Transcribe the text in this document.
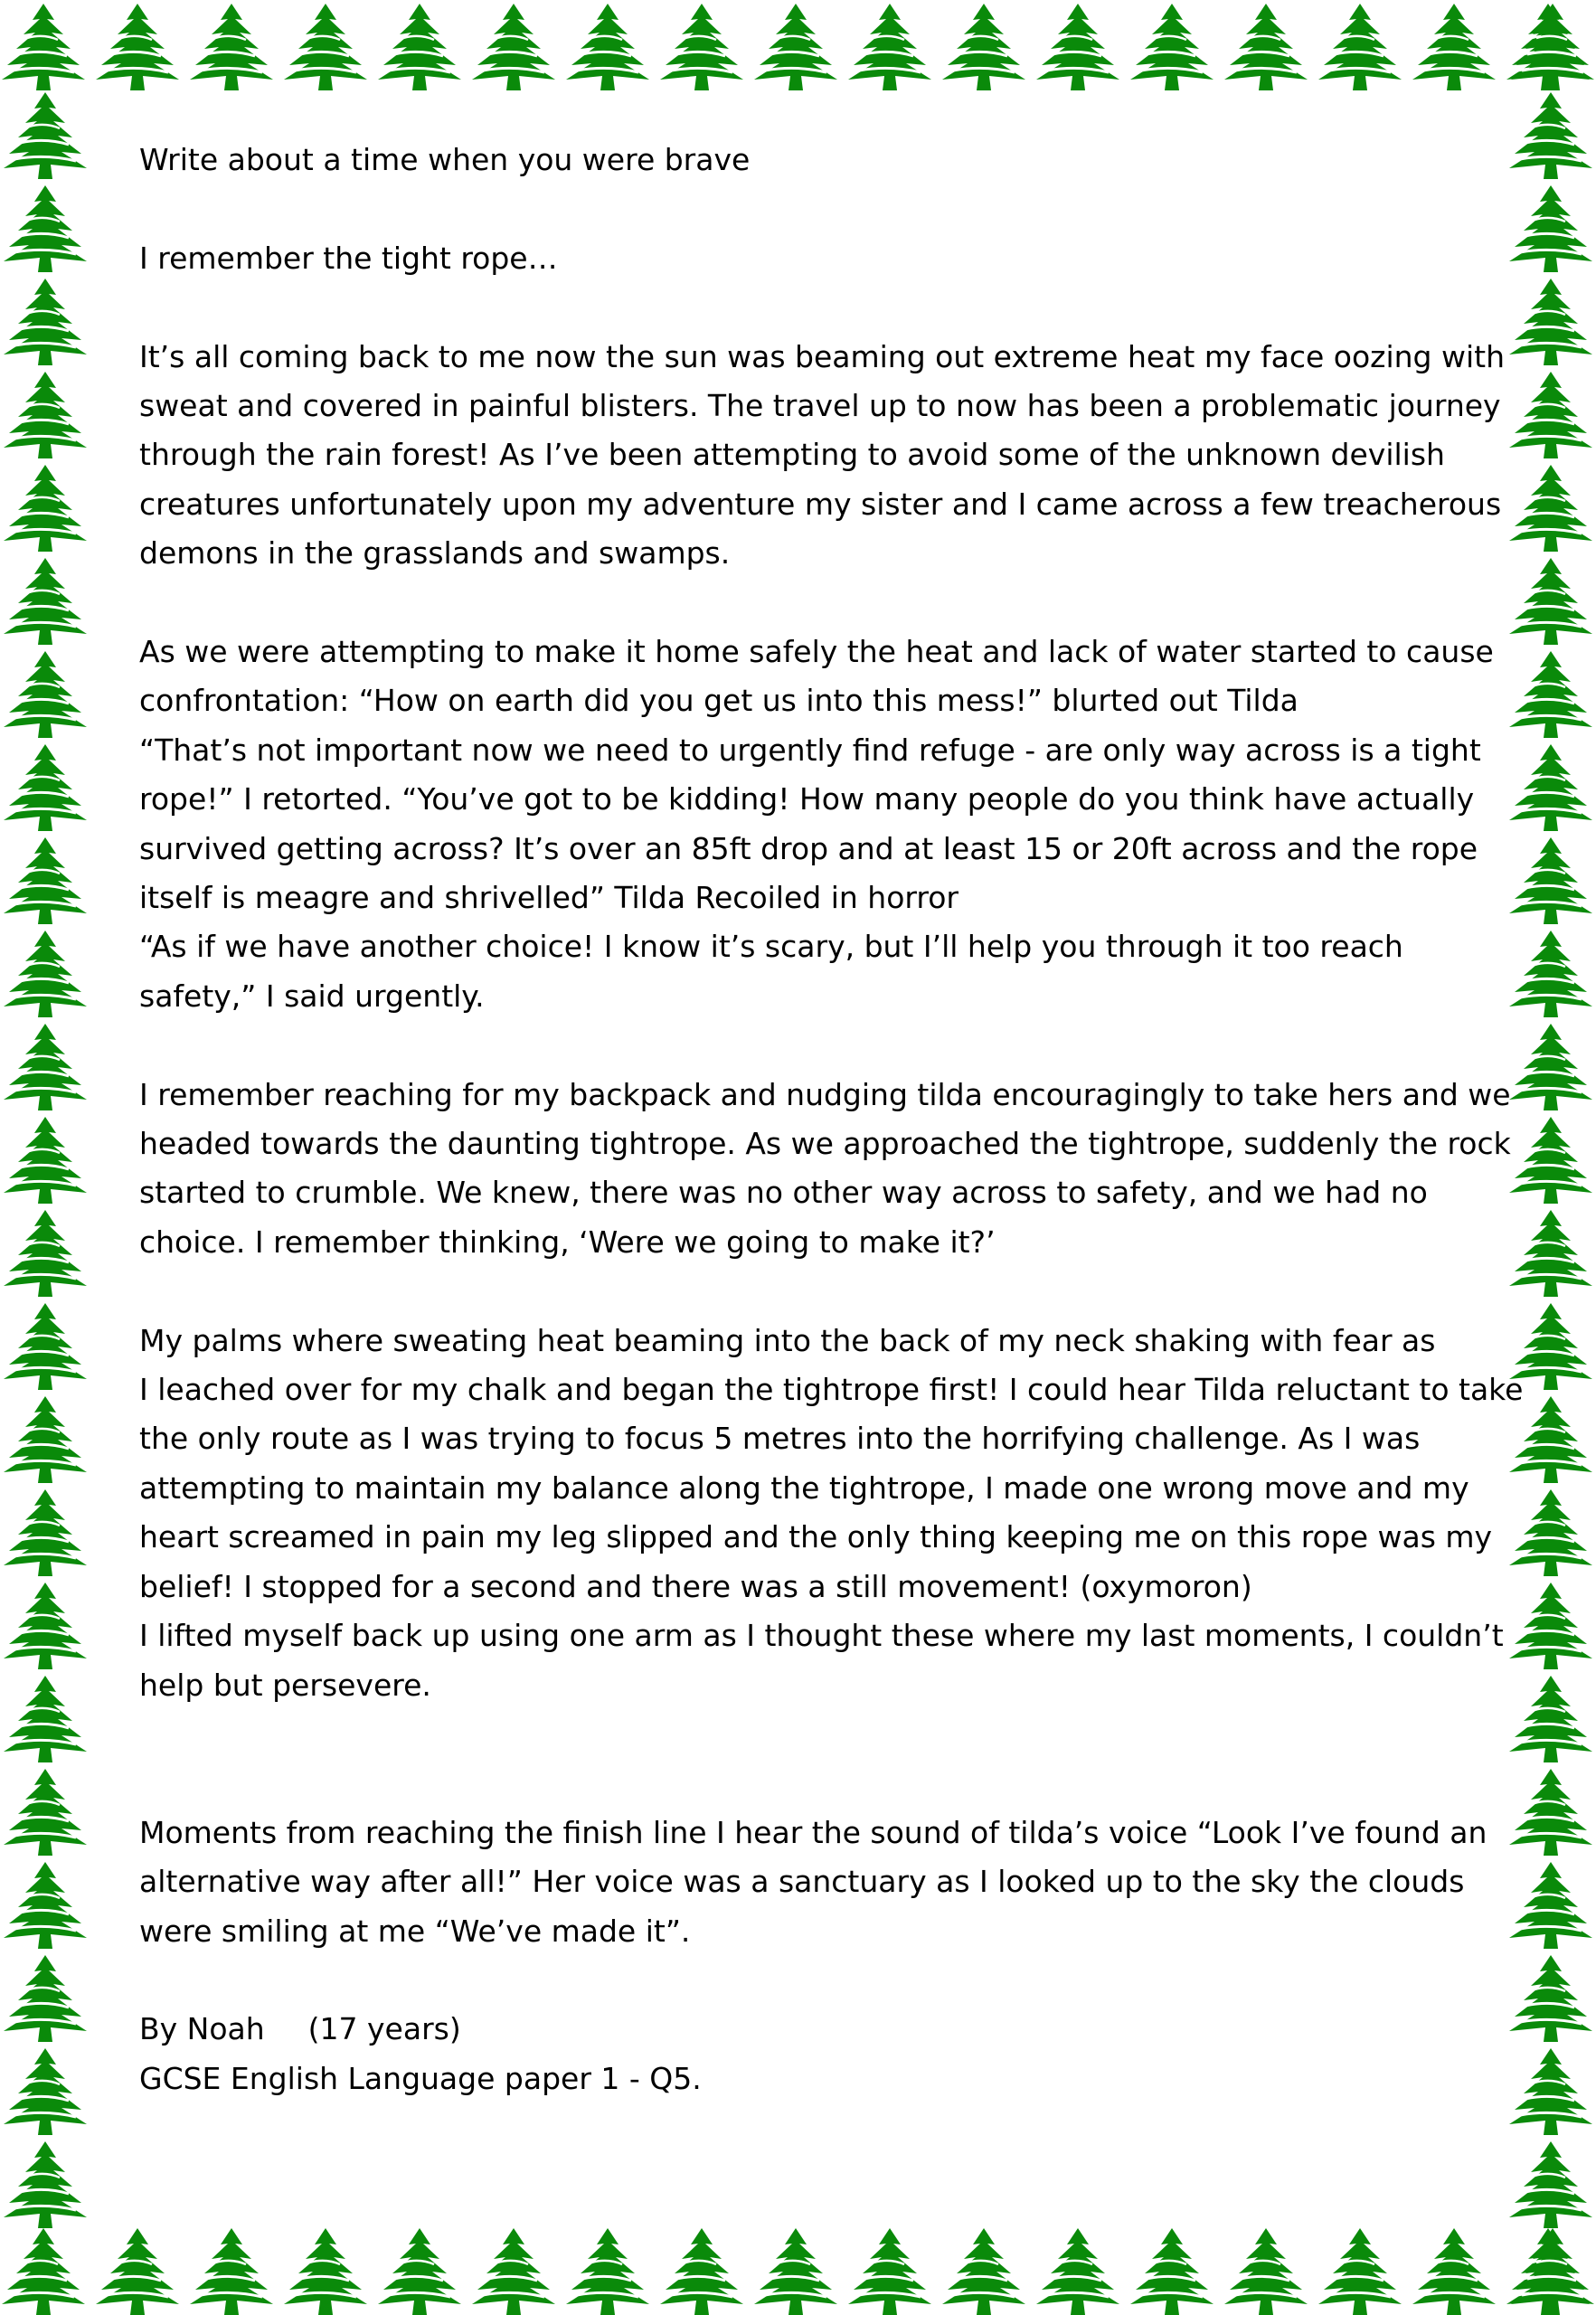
Write about a time when you were brave
I remember the tight rope…
It’s all coming back to me now the sun was beaming out extreme heat my face oozing with
sweat and covered in painful blisters. The travel up to now has been a problematic journey
through the rain forest! As I’ve been attempting to avoid some of the unknown devilish
creatures unfortunately upon my adventure my sister and I came across a few treacherous
demons in the grasslands and swamps.
As we were attempting to make it home safely the heat and lack of water started to cause
confrontation: “How on earth did you get us into this mess!” blurted out Tilda
“That’s not important now we need to urgently find refuge - are only way across is a tight
rope!” I retorted. “You’ve got to be kidding! How many people do you think have actually
survived getting across? It’s over an 85ft drop and at least 15 or 20ft across and the rope
itself is meagre and shrivelled” Tilda Recoiled in horror
“As if we have another choice! I know it’s scary, but I’ll help you through it too reach
safety,” I said urgently.
I remember reaching for my backpack and nudging tilda encouragingly to take hers and we
headed towards the daunting tightrope. As we approached the tightrope, suddenly the rock
started to crumble. We knew, there was no other way across to safety, and we had no
choice. I remember thinking, ‘Were we going to make it?’
My palms where sweating heat beaming into the back of my neck shaking with fear as
I leached over for my chalk and began the tightrope first! I could hear Tilda reluctant to take
the only route as I was trying to focus 5 metres into the horrifying challenge. As I was
attempting to maintain my balance along the tightrope, I made one wrong move and my
heart screamed in pain my leg slipped and the only thing keeping me on this rope was my
belief! I stopped for a second and there was a still movement! (oxymoron)
I lifted myself back up using one arm as I thought these where my last moments, I couldn’t
help but persevere.
Moments from reaching the finish line I hear the sound of tilda’s voice “Look I’ve found an
alternative way after all!” Her voice was a sanctuary as I looked up to the sky the clouds
were smiling at me “We’ve made it”.
By Noah (17 years)
GCSE English Language paper 1 - Q5.
